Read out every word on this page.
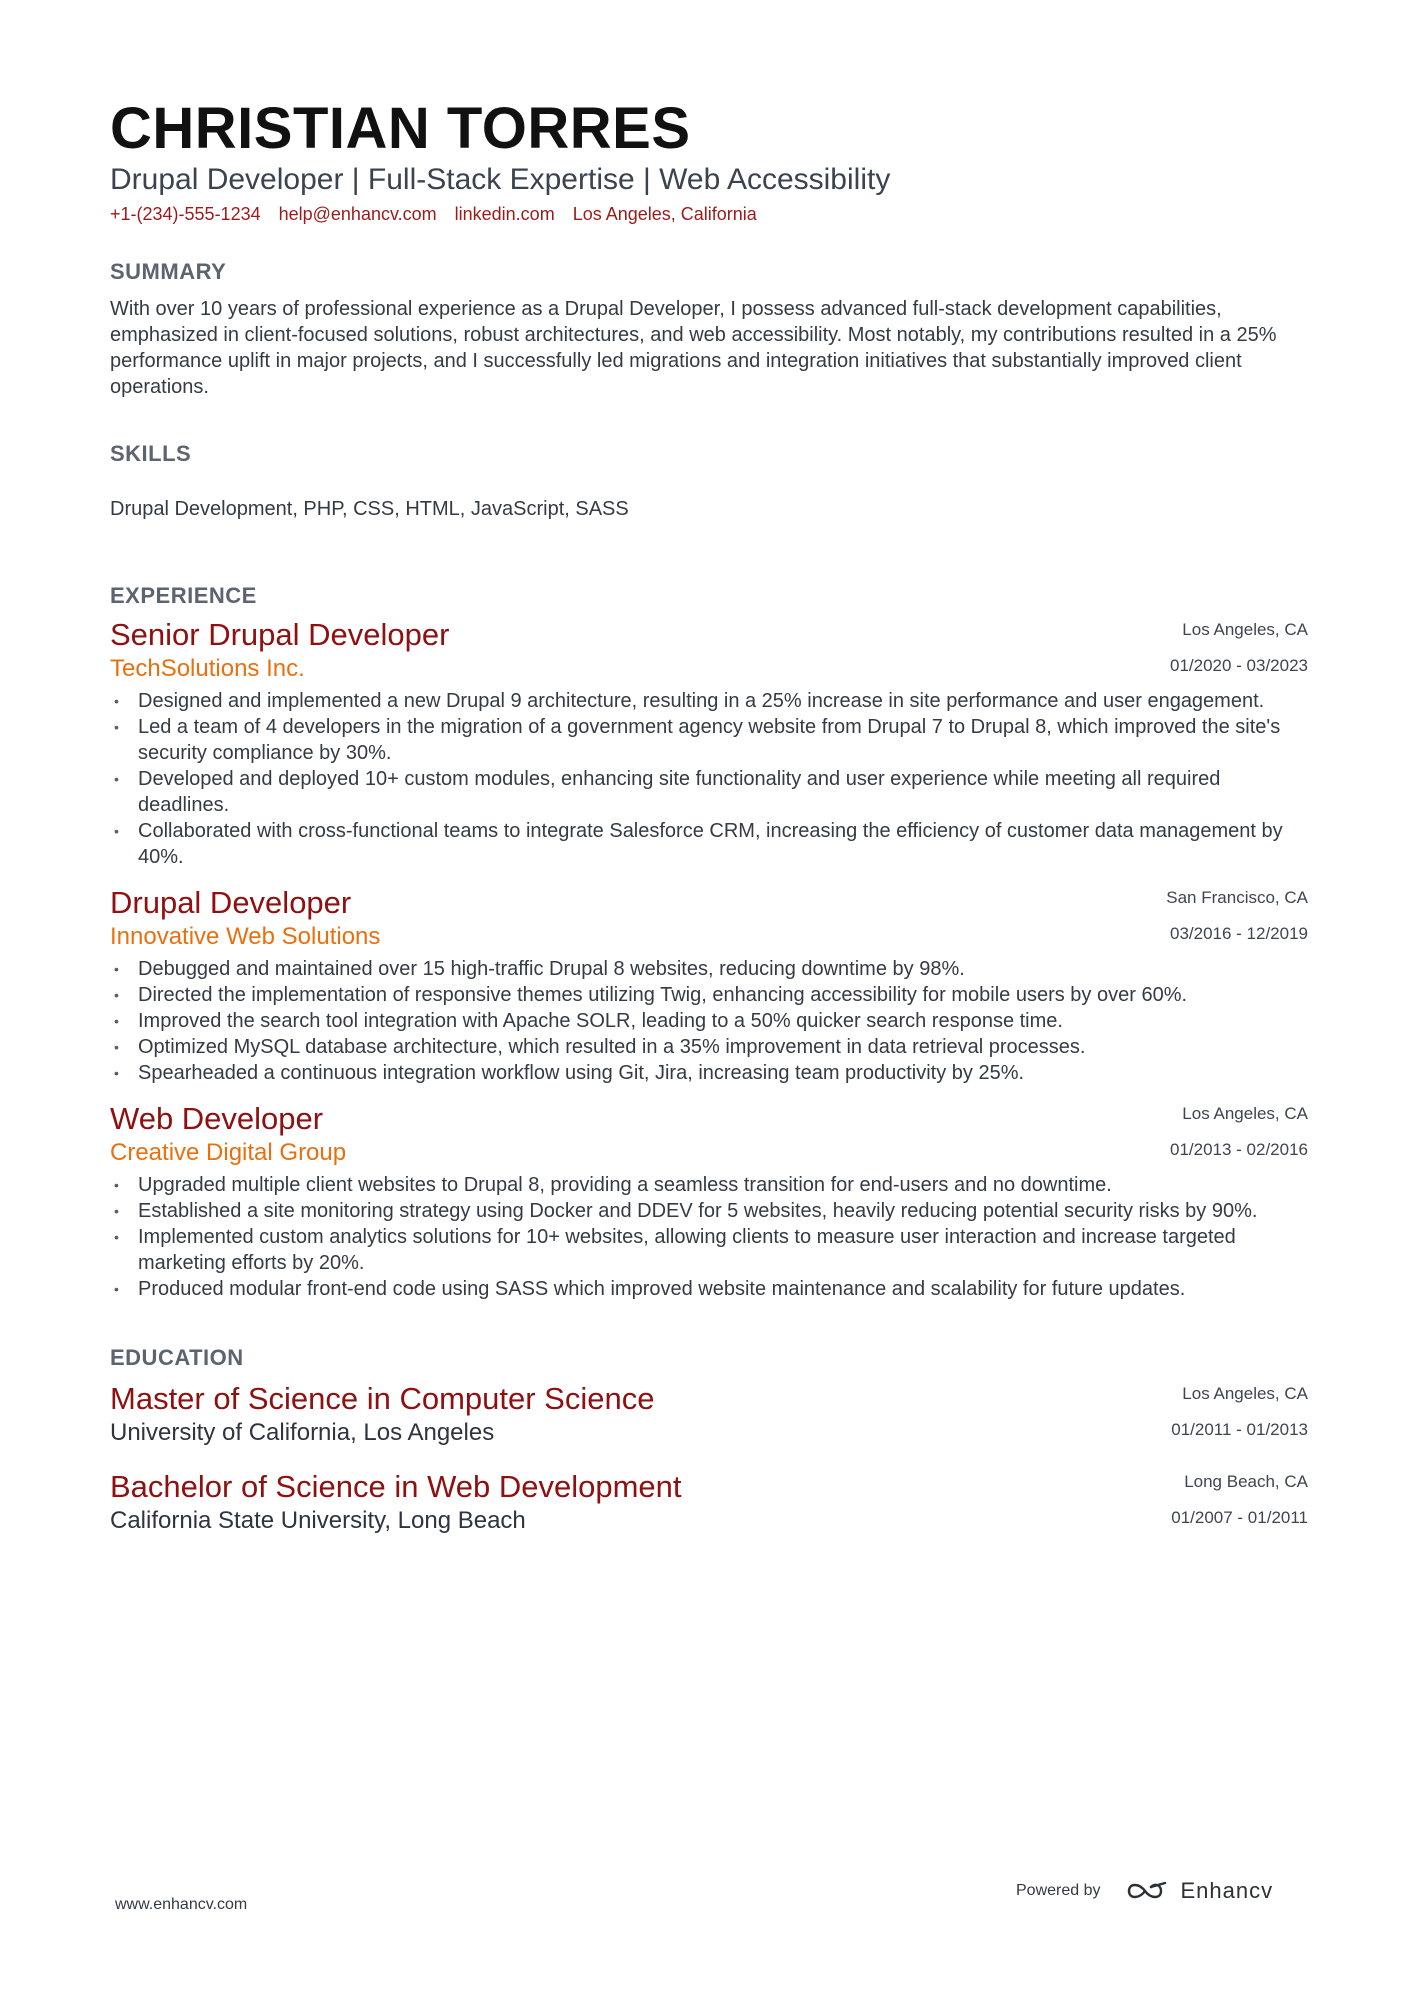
CHRISTIAN TORRES
Drupal Developer | Full-Stack Expertise | Web Accessibility
+1-(234)-555-1234 help@enhancv.com linkedin.com Los Angeles, California
SUMMARY
With over 10 years of professional experience as a Drupal Developer, I possess advanced full-stack development capabilities, emphasized in client-focused solutions, robust architectures, and web accessibility. Most notably, my contributions resulted in a 25% performance uplift in major projects, and I successfully led migrations and integration initiatives that substantially improved client operations.
SKILLS
Drupal Development, PHP, CSS, HTML, JavaScript, SASS
EXPERIENCE
Senior Drupal Developer
TechSolutions Inc.
Los Angeles, CA
01/2020 - 03/2023
• Designed and implemented a new Drupal 9 architecture, resulting in a 25% increase in site performance and user engagement.
• Led a team of 4 developers in the migration of a government agency website from Drupal 7 to Drupal 8, which improved the site's security compliance by 30%.
• Developed and deployed 10+ custom modules, enhancing site functionality and user experience while meeting all required deadlines.
• Collaborated with cross-functional teams to integrate Salesforce CRM, increasing the efficiency of customer data management by 40%.
Drupal Developer
Innovative Web Solutions
San Francisco, CA
03/2016 - 12/2019
• Debugged and maintained over 15 high-traffic Drupal 8 websites, reducing downtime by 98%.
• Directed the implementation of responsive themes utilizing Twig, enhancing accessibility for mobile users by over 60%.
• Improved the search tool integration with Apache SOLR, leading to a 50% quicker search response time.
• Optimized MySQL database architecture, which resulted in a 35% improvement in data retrieval processes.
• Spearheaded a continuous integration workflow using Git, Jira, increasing team productivity by 25%.
Web Developer
Creative Digital Group
Los Angeles, CA
01/2013 - 02/2016
• Upgraded multiple client websites to Drupal 8, providing a seamless transition for end-users and no downtime.
• Established a site monitoring strategy using Docker and DDEV for 5 websites, heavily reducing potential security risks by 90%.
• Implemented custom analytics solutions for 10+ websites, allowing clients to measure user interaction and increase targeted marketing efforts by 20%.
• Produced modular front-end code using SASS which improved website maintenance and scalability for future updates.
EDUCATION
Master of Science in Computer Science
University of California, Los Angeles
Los Angeles, CA
01/2011 - 01/2013
Bachelor of Science in Web Development
California State University, Long Beach
Long Beach, CA
01/2007 - 01/2011
www.enhancv.com
Powered by	Enhancv
